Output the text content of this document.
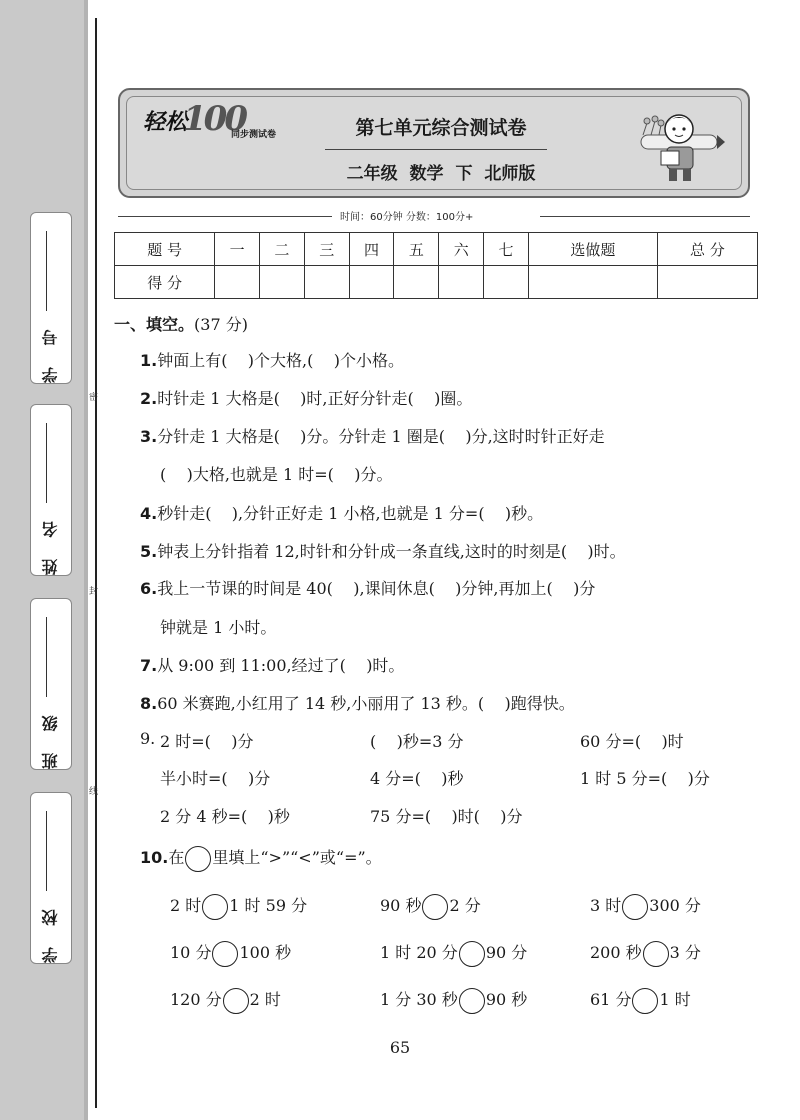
学 号
姓 名
班 级
学 校
密
封
线
轻松
100
同步测试卷	第七单元综合测试卷
二年级 数学 下 北师版
时间：60分钟 分数：100分+
题 号	一	二	三	四	五	六	七	选做题	总 分
得 分									
一、填空。(37 分)
1.钟面上有(    )个大格,(    )个小格。
2.时针走 1 大格是(    )时,正好分针走(    )圈。
3.分针走 1 大格是(    )分。分针走 1 圈是(    )分,这时时针正好走
(    )大格,也就是 1 时=(    )分。
4.秒针走(    ),分针正好走 1 小格,也就是 1 分=(    )秒。
5.钟表上分针指着 12,时针和分针成一条直线,这时的时刻是(    )时。
6.我上一节课的时间是 40(    ),课间休息(    )分钟,再加上(    )分
钟就是 1 小时。
7.从 9:00 到 11:00,经过了(    )时。
8.60 米赛跑,小红用了 14 秒,小丽用了 13 秒。(    )跑得快。
9. 2 时=(    )分	(    )秒=3 分	60 分=(    )时
半小时=(    )分	4 分=(    )秒	1 时 5 分=(    )分
2 分 4 秒=(    )秒	75 分=(    )时(    )分
10.在 里填上“>”“<”或“=”。
2 时 1 时 59 分	90 秒 2 分	3 时 300 分
10 分 100 秒	1 时 20 分 90 分	200 秒 3 分
120 分 2 时	1 分 30 秒 90 秒	61 分 1 时
65
